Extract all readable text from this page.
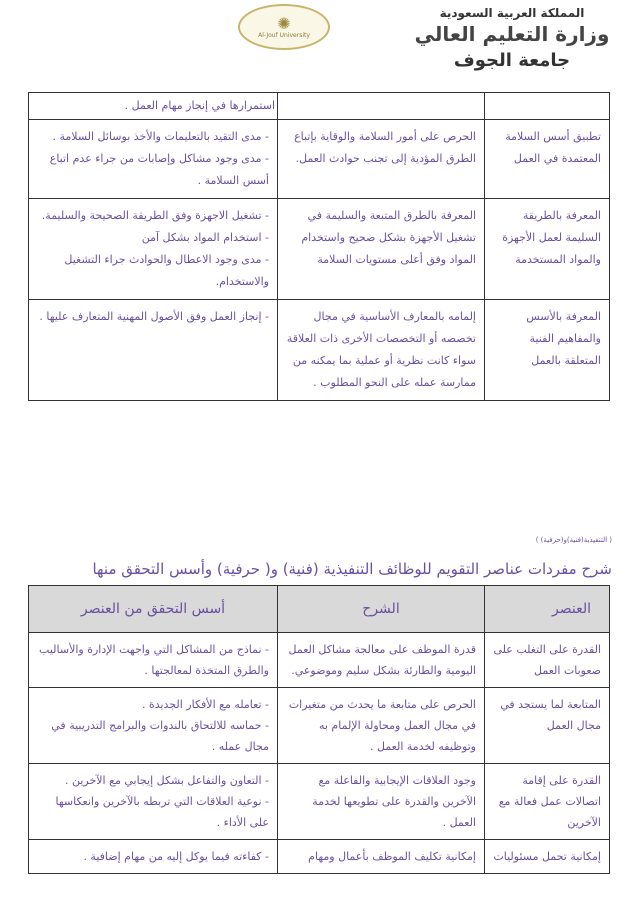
✺
Al-Jouf University
المملكة العربية السعودية
وزارة التعليم العالي
جامعة الجوف
		استمرارها في إنجاز مهام العمل .
تطبيق أسس السلامة المعتمدة في العمل	الحرص على أمور السلامة والوقاية بإتباع الطرق المؤدية إلى تجنب حوادث العمل.	- مدى التقيد بالتعليمات والأخذ بوسائل السلامة .
- مدى وجود مشاكل وإصابات من جراء عدم اتباع أسس السلامة .

المعرفة بالطريقة السليمة لعمل الأجهزة والمواد المستخدمة	المعرفة بالطرق المتبعة والسليمة في تشغيل الأجهزة بشكل صحيح واستخدام المواد وفق أعلى مستويات السلامة	- تشغيل الاجهزة وفق الطريقة الصحيحة والسليمة.
- استخدام المواد بشكل آمن
- مدى وجود الاعطال والحوادث جراء التشغيل والاستخدام.

المعرفة بالأسس والمفاهيم الفنية المتعلقة بالعمل	إلمامه بالمعارف الأساسية في مجال تخصصه أو التخصصات الأخرى ذات العلاقة سواء كانت نظرية أو عملية بما يمكنه من ممارسة عمله على النحو المطلوب .	- إنجاز العمل وفق الأصول المهنية المتعارف عليها .
( التنفيذية(فنية)و(حرفية) )
شرح مفردات عناصر التقويم للوظائف التنفيذية (فنية) و( حرفية) وأسس التحقق منها
العنصر	الشرح	أسس التحقق من العنصر
القدرة على التغلب على صعوبات العمل	قدرة الموظف على معالجة مشاكل العمل اليومية والطارئة بشكل سليم وموضوعي.	- نماذج من المشاكل التي واجهت الإدارة والأساليب والطرق المتخذة لمعالجتها .

المتابعة لما يستجد في مجال العمل	الحرص على متابعة ما يحدث من متغيرات في مجال العمل ومحاولة الإلمام به وتوظيفه لخدمة العمل .	- تعامله مع الأفكار الجديدة .
- حماسه للالتحاق بالندوات والبرامج التدريبية في مجال عمله .

القدرة على إقامة اتصالات عمل فعالة مع الآخرين	وجود العلاقات الإيجابية والفاعلة مع الآخرين والقدرة على تطويعها لخدمة العمل .	- التعاون والتفاعل بشكل إيجابي مع الآخرين .
- نوعية العلاقات التي تربطه بالآخرين وانعكاسها على الأداء .

إمكانية تحمل مسئوليات	إمكانية تكليف الموظف بأعمال ومهام	- كفاءته فيما يوكل إليه من مهام إضافية .
